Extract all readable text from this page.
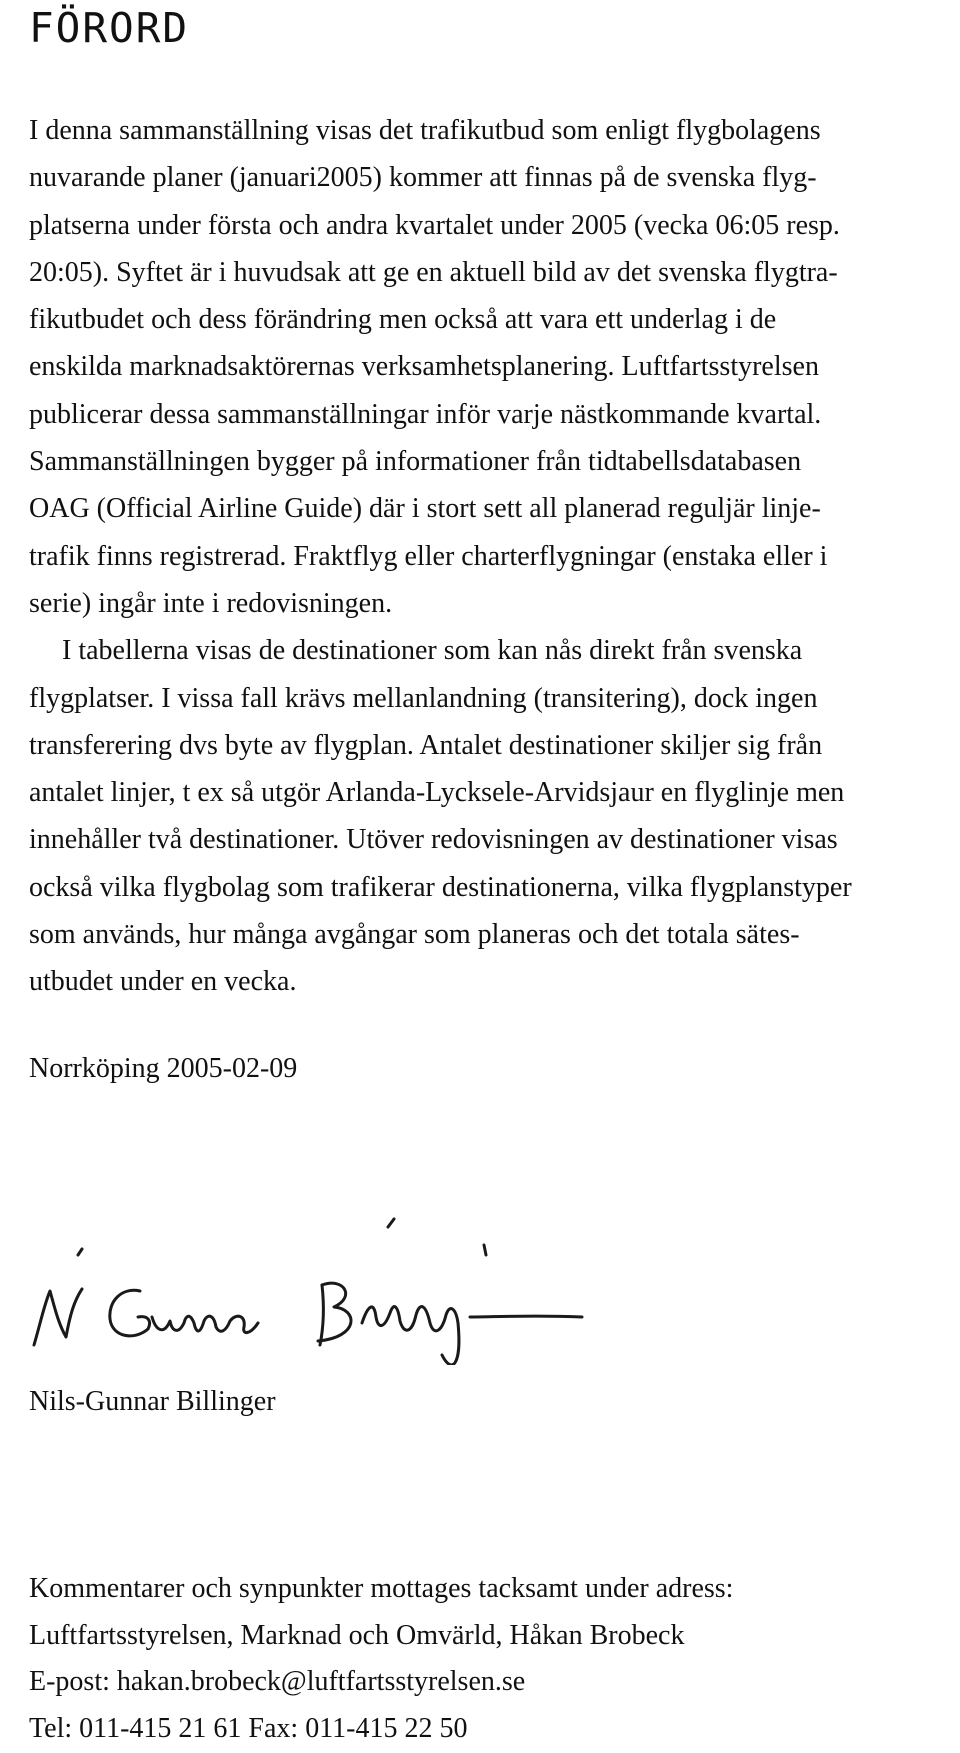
FÖRORD
I denna sammanställning visas det trafikutbud som enligt flygbolagens
nuvarande planer (januari2005) kommer att finnas på de svenska flyg-
platserna under första och andra kvartalet under 2005 (vecka 06:05 resp.
20:05). Syftet är i huvudsak att ge en aktuell bild av det svenska flygtra-
fikutbudet och dess förändring men också att vara ett underlag i de
enskilda marknadsaktörernas verksamhetsplanering. Luftfartsstyrelsen
publicerar dessa sammanställningar inför varje nästkommande kvartal.
Sammanställningen bygger på informationer från tidtabellsdatabasen
OAG (Official Airline Guide) där i stort sett all planerad reguljär linje-
trafik finns registrerad. Fraktflyg eller charterflygningar (enstaka eller i
serie) ingår inte i redovisningen.
I tabellerna visas de destinationer som kan nås direkt från svenska
flygplatser. I vissa fall krävs mellanlandning (transitering), dock ingen
transferering dvs byte av flygplan. Antalet destinationer skiljer sig från
antalet linjer, t ex så utgör Arlanda-Lycksele-Arvidsjaur en flyglinje men
innehåller två destinationer. Utöver redovisningen av destinationer visas
också vilka flygbolag som trafikerar destinationerna, vilka flygplanstyper
som används, hur många avgångar som planeras och det totala sätes-
utbudet under en vecka.
Norrköping 2005-02-09
Nils-Gunnar Billinger
Kommentarer och synpunkter mottages tacksamt under adress:
Luftfartsstyrelsen, Marknad och Omvärld, Håkan Brobeck
E-post: hakan.brobeck@luftfartsstyrelsen.se
Tel: 011-415 21 61 Fax: 011-415 22 50
